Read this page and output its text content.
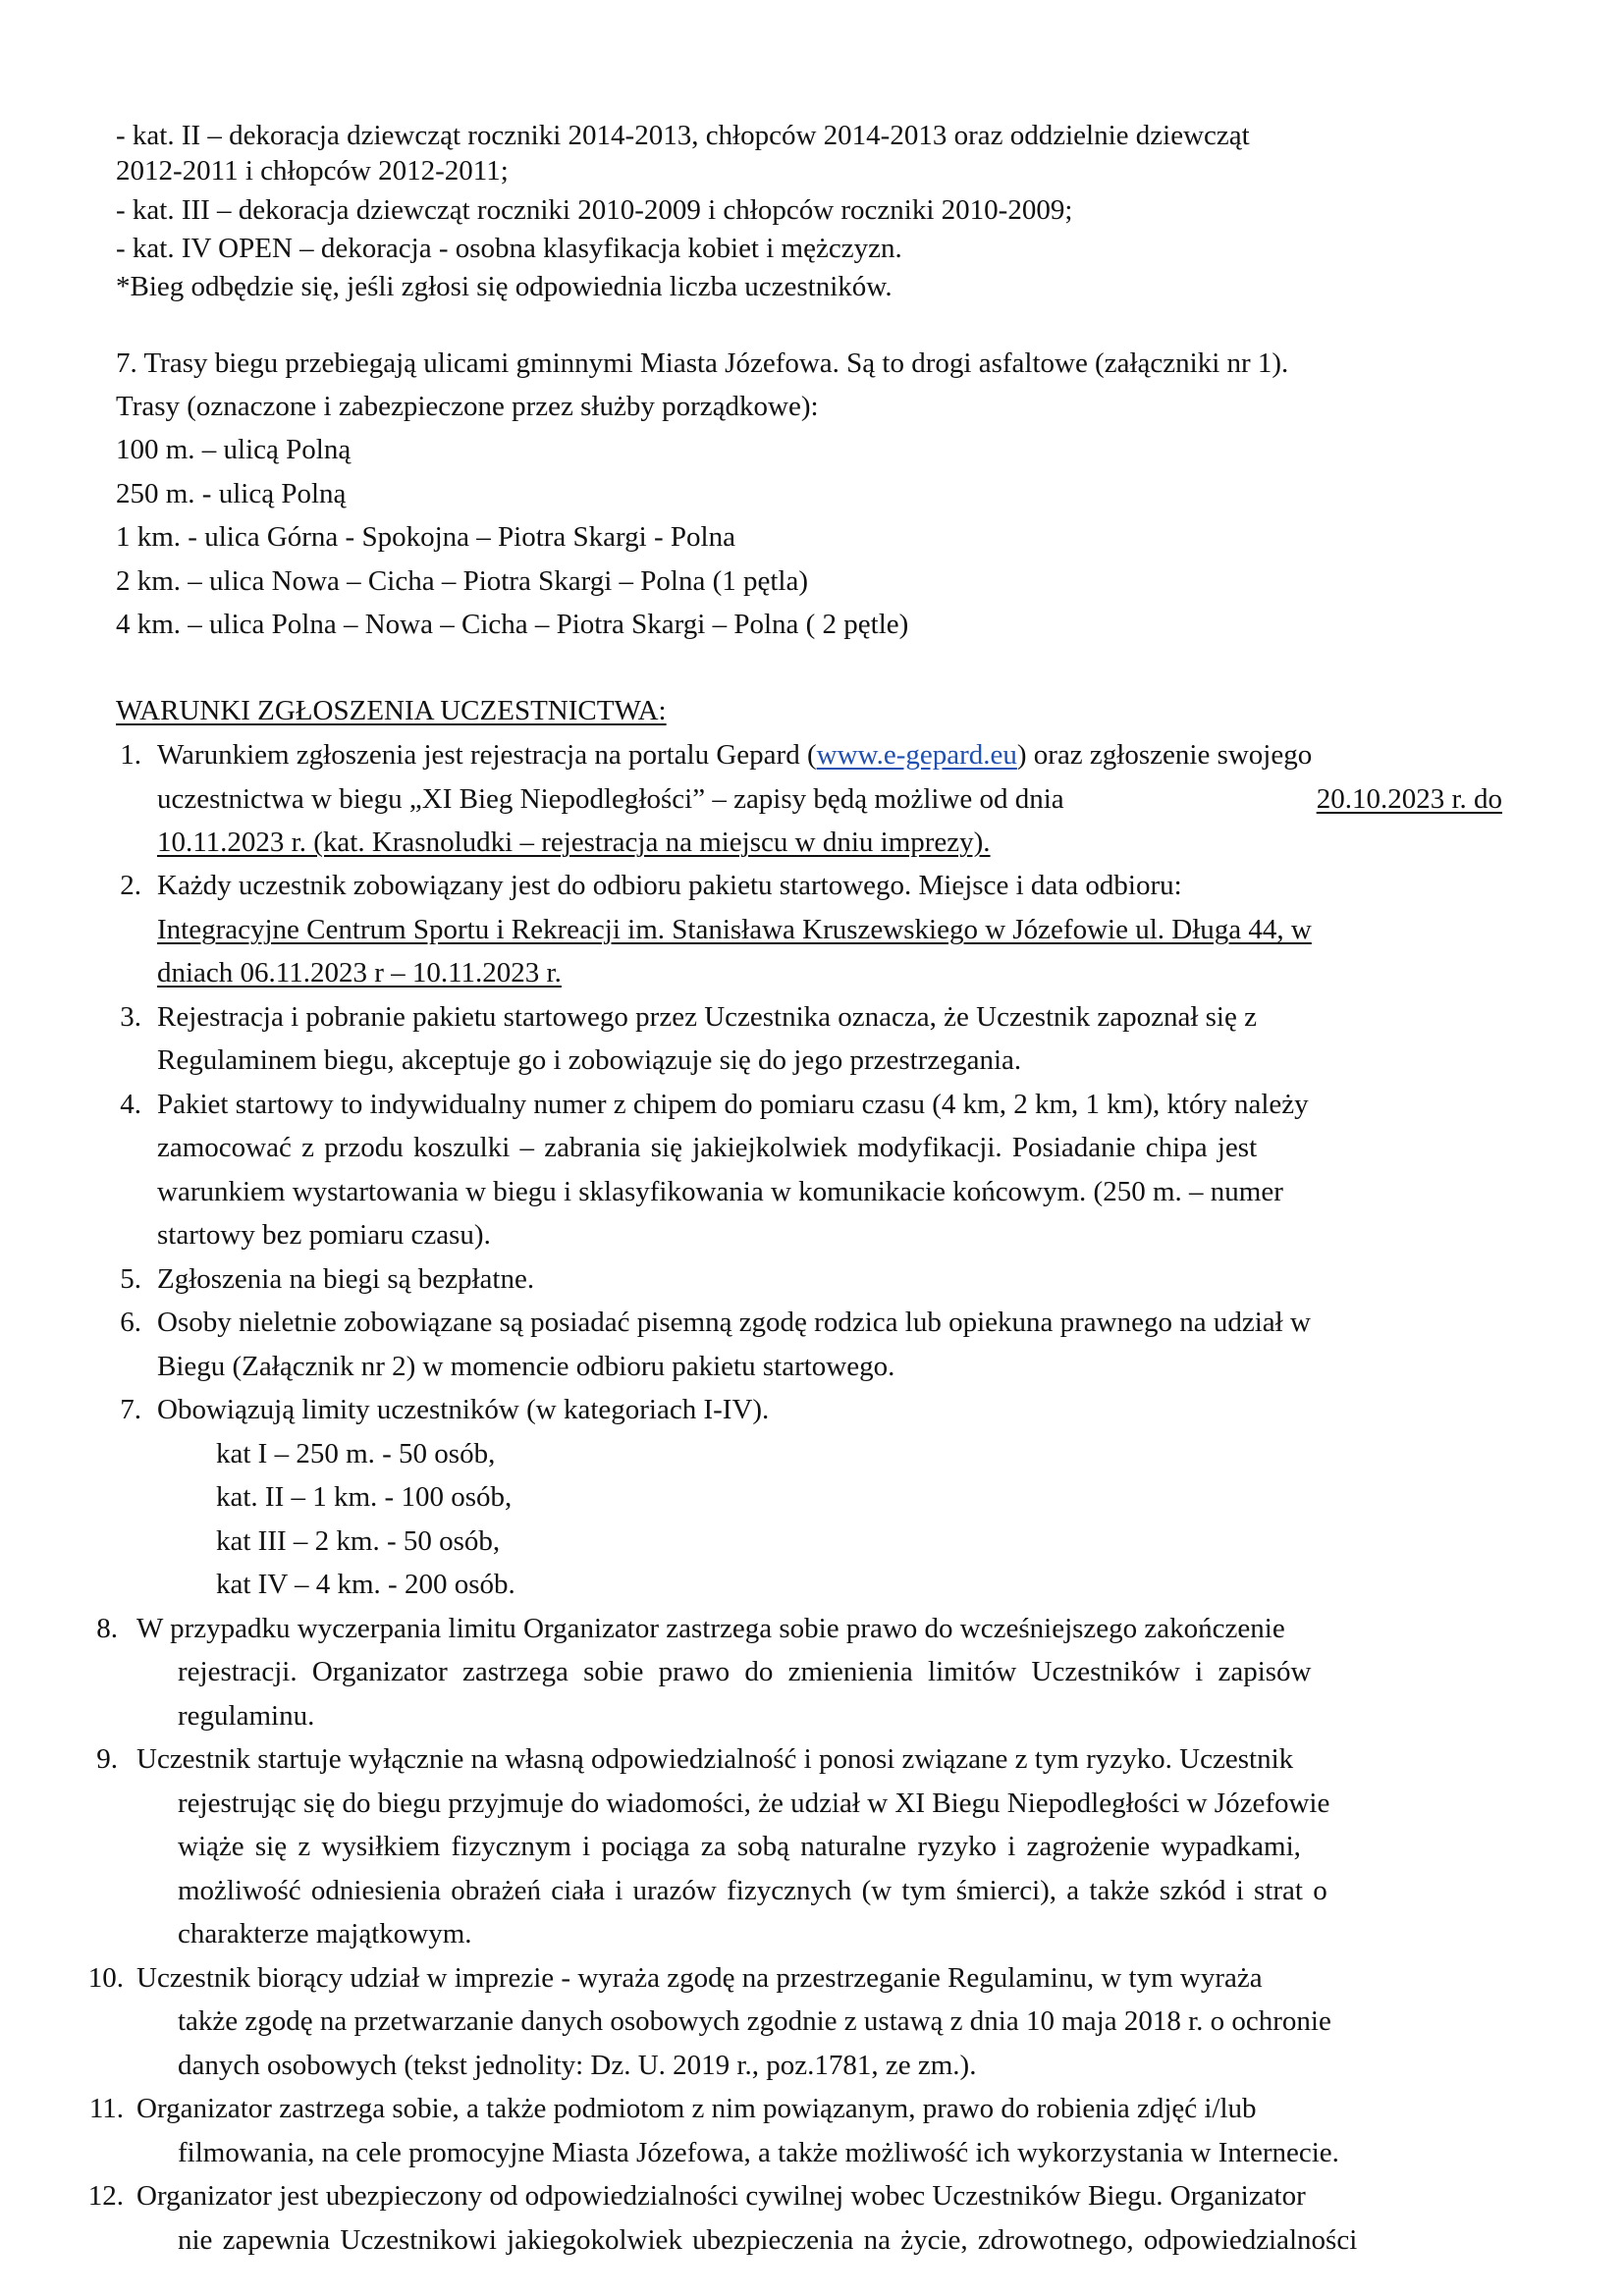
- kat. II – dekoracja dziewcząt roczniki 2014-2013, chłopców 2014-2013 oraz oddzielnie dziewcząt
2012-2011 i chłopców 2012-2011;
- kat. III – dekoracja dziewcząt roczniki 2010-2009 i chłopców roczniki 2010-2009;
- kat. IV OPEN – dekoracja - osobna klasyfikacja kobiet i mężczyzn.
*Bieg odbędzie się, jeśli zgłosi się odpowiednia liczba uczestników.
7. Trasy biegu przebiegają ulicami gminnymi Miasta Józefowa. Są to drogi asfaltowe (załączniki nr 1).
Trasy (oznaczone i zabezpieczone przez służby porządkowe):
100 m. – ulicą Polną
250 m. - ulicą Polną
1 km. - ulica Górna - Spokojna – Piotra Skargi - Polna
2 km. – ulica Nowa – Cicha – Piotra Skargi – Polna (1 pętla)
4 km. – ulica Polna – Nowa – Cicha – Piotra Skargi – Polna ( 2 pętle)
WARUNKI ZGŁOSZENIA UCZESTNICTWA:
1. Warunkiem zgłoszenia jest rejestracja na portalu Gepard (www.e-gepard.eu) oraz zgłoszenie swojego
uczestnictwa w biegu „XI Bieg Niepodległości” – zapisy będą możliwe od dnia	20.10.2023 r. do
10.11.2023 r. (kat. Krasnoludki – rejestracja na miejscu w dniu imprezy).
2. Każdy uczestnik zobowiązany jest do odbioru pakietu startowego. Miejsce i data odbioru:
Integracyjne Centrum Sportu i Rekreacji im. Stanisława Kruszewskiego w Józefowie ul. Długa 44, w
dniach 06.11.2023 r – 10.11.2023 r.
3. Rejestracja i pobranie pakietu startowego przez Uczestnika oznacza, że Uczestnik zapoznał się z
Regulaminem biegu, akceptuje go i zobowiązuje się do jego przestrzegania.
4. Pakiet startowy to indywidualny numer z chipem do pomiaru czasu (4 km, 2 km, 1 km), który należy
zamocować z przodu koszulki – zabrania się jakiejkolwiek modyfikacji. Posiadanie chipa jest
warunkiem wystartowania w biegu i sklasyfikowania w komunikacie końcowym. (250 m. – numer
startowy bez pomiaru czasu).
5. Zgłoszenia na biegi są bezpłatne.
6. Osoby nieletnie zobowiązane są posiadać pisemną zgodę rodzica lub opiekuna prawnego na udział w
Biegu (Załącznik nr 2) w momencie odbioru pakietu startowego.
7. Obowiązują limity uczestników (w kategoriach I-IV).
kat I – 250 m. - 50 osób,
kat. II – 1 km. - 100 osób,
kat III – 2 km. - 50 osób,
kat IV – 4 km. - 200 osób.
8. W przypadku wyczerpania limitu Organizator zastrzega sobie prawo do wcześniejszego zakończenie
rejestracji. Organizator zastrzega sobie prawo do zmienienia limitów Uczestników i zapisów
regulaminu.
9. Uczestnik startuje wyłącznie na własną odpowiedzialność i ponosi związane z tym ryzyko. Uczestnik
rejestrując się do biegu przyjmuje do wiadomości, że udział w XI Biegu Niepodległości w Józefowie
wiąże się z wysiłkiem fizycznym i pociąga za sobą naturalne ryzyko i zagrożenie wypadkami,
możliwość odniesienia obrażeń ciała i urazów fizycznych (w tym śmierci), a także szkód i strat o
charakterze majątkowym.
10. Uczestnik biorący udział w imprezie - wyraża zgodę na przestrzeganie Regulaminu, w tym wyraża
także zgodę na przetwarzanie danych osobowych zgodnie z ustawą z dnia 10 maja 2018 r. o ochronie
danych osobowych (tekst jednolity: Dz. U. 2019 r., poz.1781, ze zm.).
11. Organizator zastrzega sobie, a także podmiotom z nim powiązanym, prawo do robienia zdjęć i/lub
filmowania, na cele promocyjne Miasta Józefowa, a także możliwość ich wykorzystania w Internecie.
12. Organizator jest ubezpieczony od odpowiedzialności cywilnej wobec Uczestników Biegu. Organizator
nie zapewnia Uczestnikowi jakiegokolwiek ubezpieczenia na życie, zdrowotnego, odpowiedzialności
